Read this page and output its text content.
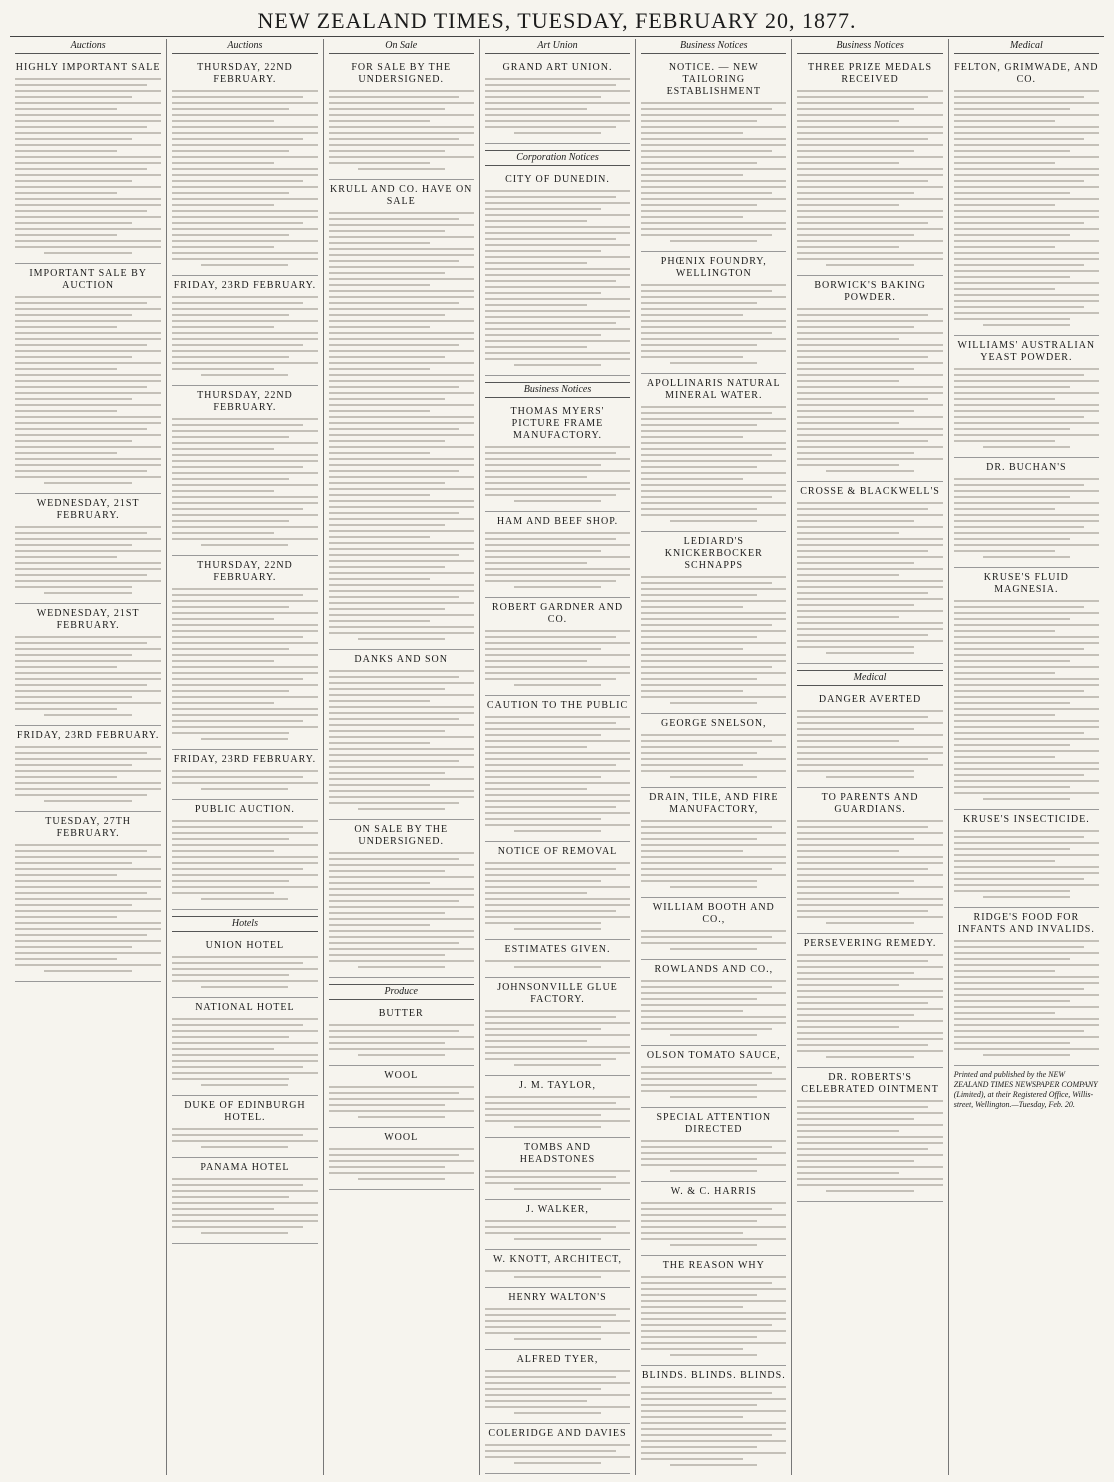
NEW ZEALAND TIMES, TUESDAY, FEBRUARY 20, 1877.
Auctions
HIGHLY IMPORTANT SALE
IMPORTANT SALE BY AUCTION
WEDNESDAY, 21ST FEBRUARY.
WEDNESDAY, 21ST FEBRUARY.
FRIDAY, 23RD FEBRUARY.
TUESDAY, 27TH FEBRUARY.
Auctions
THURSDAY, 22ND FEBRUARY.
FRIDAY, 23RD FEBRUARY.
THURSDAY, 22ND FEBRUARY.
THURSDAY, 22ND FEBRUARY.
FRIDAY, 23RD FEBRUARY.
PUBLIC AUCTION.
Hotels
UNION HOTEL
NATIONAL HOTEL
DUKE OF EDINBURGH HOTEL.
PANAMA HOTEL
On Sale
FOR SALE BY THE UNDERSIGNED.
KRULL AND CO. HAVE ON SALE
DANKS AND SON
ON SALE BY THE UNDERSIGNED.
Produce
BUTTER
WOOL
WOOL
Art Union
GRAND ART UNION.
Corporation Notices
CITY OF DUNEDIN.
Business Notices
THOMAS MYERS' PICTURE FRAME MANUFACTORY.
HAM AND BEEF SHOP.
ROBERT GARDNER AND CO.
CAUTION TO THE PUBLIC
NOTICE OF REMOVAL
ESTIMATES GIVEN.
JOHNSONVILLE GLUE FACTORY.
J. M. TAYLOR,
TOMBS AND HEADSTONES
J. WALKER,
W. KNOTT, ARCHITECT,
HENRY WALTON'S
ALFRED TYER,
COLERIDGE AND DAVIES
Business Notices
NOTICE. — NEW TAILORING ESTABLISHMENT
PHŒNIX FOUNDRY, WELLINGTON
APOLLINARIS NATURAL MINERAL WATER.
LEDIARD'S KNICKERBOCKER SCHNAPPS
GEORGE SNELSON,
DRAIN, TILE, AND FIRE MANUFACTORY,
WILLIAM BOOTH AND CO.,
ROWLANDS AND CO.,
OLSON TOMATO SAUCE,
SPECIAL ATTENTION DIRECTED
W. & C. HARRIS
THE REASON WHY
BLINDS. BLINDS. BLINDS.
Business Notices
THREE PRIZE MEDALS RECEIVED
BORWICK'S BAKING POWDER.
CROSSE & BLACKWELL'S
Medical
DANGER AVERTED
TO PARENTS AND GUARDIANS.
PERSEVERING REMEDY.
DR. ROBERTS'S CELEBRATED OINTMENT
Medical
FELTON, GRIMWADE, AND CO.
WILLIAMS' AUSTRALIAN YEAST POWDER.
DR. BUCHAN'S
KRUSE'S FLUID MAGNESIA.
KRUSE'S INSECTICIDE.
RIDGE'S FOOD FOR INFANTS AND INVALIDS.
Printed and published by the NEW ZEALAND TIMES NEWSPAPER COMPANY (Limited), at their Registered Office, Willis-street, Wellington.—Tuesday, Feb. 20.
